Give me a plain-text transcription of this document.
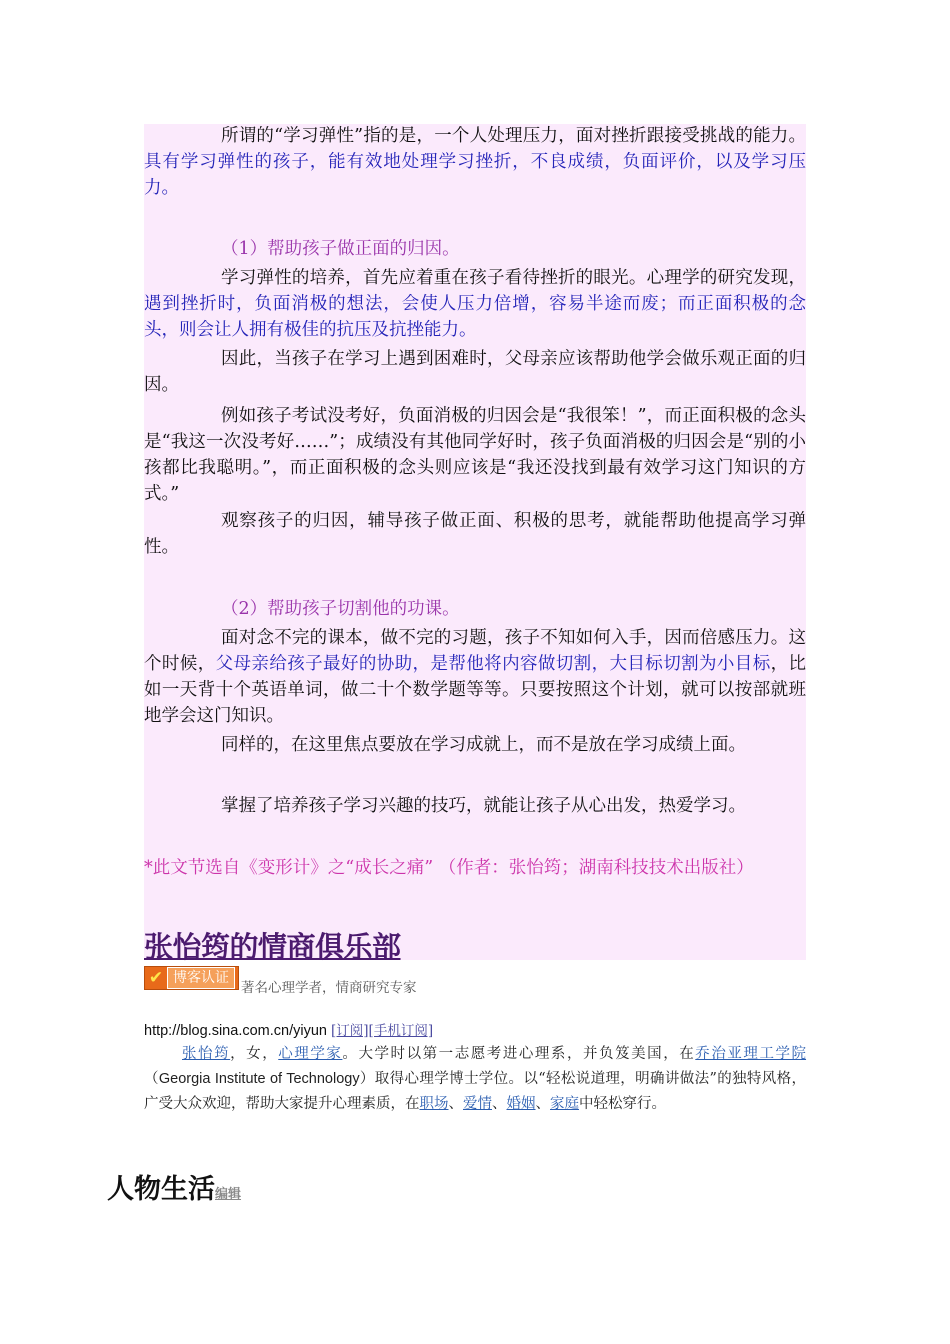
所谓的“学习弹性”指的是，一个人处理压力，面对挫折跟接受挑战的能力。具有学习弹性的孩子，能有效地处理学习挫折，不良成绩，负面评价，以及学习压力。

（1）帮助孩子做正面的归因。

学习弹性的培养，首先应着重在孩子看待挫折的眼光。心理学的研究发现，遇到挫折时，负面消极的想法，会使人压力倍增，容易半途而废；而正面积极的念头，则会让人拥有极佳的抗压及抗挫能力。

因此，当孩子在学习上遇到困难时，父母亲应该帮助他学会做乐观正面的归因。

例如孩子考试没考好，负面消极的归因会是“我很笨！”，而正面积极的念头是“我这一次没考好……”；成绩没有其他同学好时，孩子负面消极的归因会是“别的小孩都比我聪明。”，而正面积极的念头则应该是“我还没找到最有效学习这门知识的方式。”

观察孩子的归因，辅导孩子做正面、积极的思考，就能帮助他提高学习弹性。

（2）帮助孩子切割他的功课。

面对念不完的课本，做不完的习题，孩子不知如何入手，因而倍感压力。这个时候，父母亲给孩子最好的协助，是帮他将内容做切割，大目标切割为小目标，比如一天背十个英语单词，做二十个数学题等等。只要按照这个计划，就可以按部就班地学会这门知识。

同样的，在这里焦点要放在学习成就上，而不是放在学习成绩上面。

掌握了培养孩子学习兴趣的技巧，就能让孩子从心出发，热爱学习。

*此文节选自《变形计》之“成长之痛” （作者：张怡筠；湖南科技技术出版社）

张怡筠的情商俱乐部
✔ 博客认证
著名心理学者，情商研究专家
http://blog.sina.com.cn/yiyun [订阅][手机订阅]

张怡筠，女，心理学家。大学时以第一志愿考进心理系，并负笈美国，在乔治亚理工学院（Georgia Institute of Technology）取得心理学博士学位。以“轻松说道理，明确讲做法”的独特风格，广受大众欢迎，帮助大家提升心理素质，在职场、爱情、婚姻、家庭中轻松穿行。

人物生活编辑
